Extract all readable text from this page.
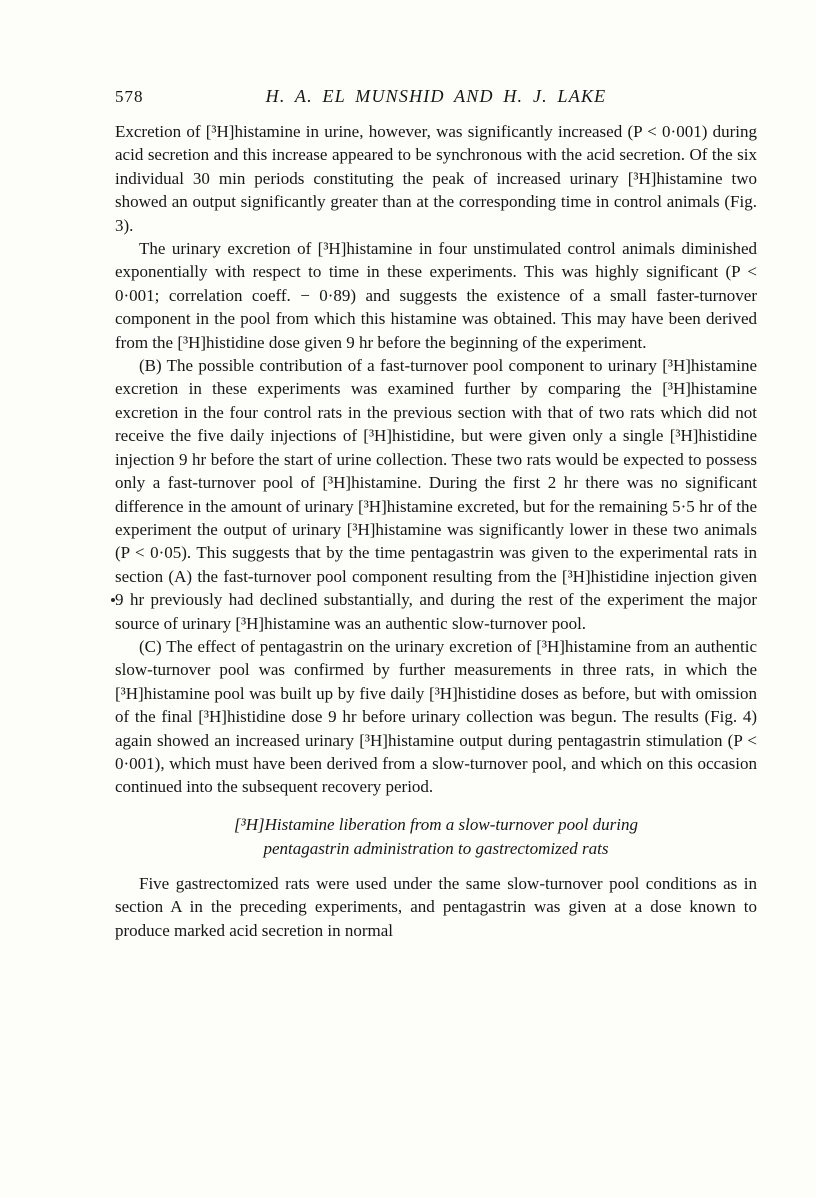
578	H. A. EL MUNSHID AND H. J. LAKE

Excretion of [³H]histamine in urine, however, was significantly increased (P < 0·001) during acid secretion and this increase appeared to be synchronous with the acid secretion. Of the six individual 30 min periods constituting the peak of increased urinary [³H]histamine two showed an output significantly greater than at the corresponding time in control animals (Fig. 3).

The urinary excretion of [³H]histamine in four unstimulated control animals diminished exponentially with respect to time in these experiments. This was highly significant (P < 0·001; correlation coeff. − 0·89) and suggests the existence of a small faster-turnover component in the pool from which this histamine was obtained. This may have been derived from the [³H]histidine dose given 9 hr before the beginning of the experiment.

(B) The possible contribution of a fast-turnover pool component to urinary [³H]histamine excretion in these experiments was examined further by comparing the [³H]histamine excretion in the four control rats in the previous section with that of two rats which did not receive the five daily injections of [³H]histidine, but were given only a single [³H]histidine injection 9 hr before the start of urine collection. These two rats would be expected to possess only a fast-turnover pool of [³H]histamine. During the first 2 hr there was no significant difference in the amount of urinary [³H]histamine excreted, but for the remaining 5·5 hr of the experiment the output of urinary [³H]histamine was significantly lower in these two animals (P < 0·05). This suggests that by the time pentagastrin was given to the experimental rats in section (A) the fast-turnover pool component resulting from the [³H]histidine injection given 9 hr previously had declined substantially, and during the rest of the experiment the major source of urinary [³H]histamine was an authentic slow-turnover pool.

(C) The effect of pentagastrin on the urinary excretion of [³H]histamine from an authentic slow-turnover pool was confirmed by further measurements in three rats, in which the [³H]histamine pool was built up by five daily [³H]histidine doses as before, but with omission of the final [³H]histidine dose 9 hr before urinary collection was begun. The results (Fig. 4) again showed an increased urinary [³H]histamine output during pentagastrin stimulation (P < 0·001), which must have been derived from a slow-turnover pool, and which on this occasion continued into the subsequent recovery period.

[³H]Histamine liberation from a slow-turnover pool during
pentagastrin administration to gastrectomized rats

Five gastrectomized rats were used under the same slow-turnover pool conditions as in section A in the preceding experiments, and pentagastrin was given at a dose known to produce marked acid secretion in normal
